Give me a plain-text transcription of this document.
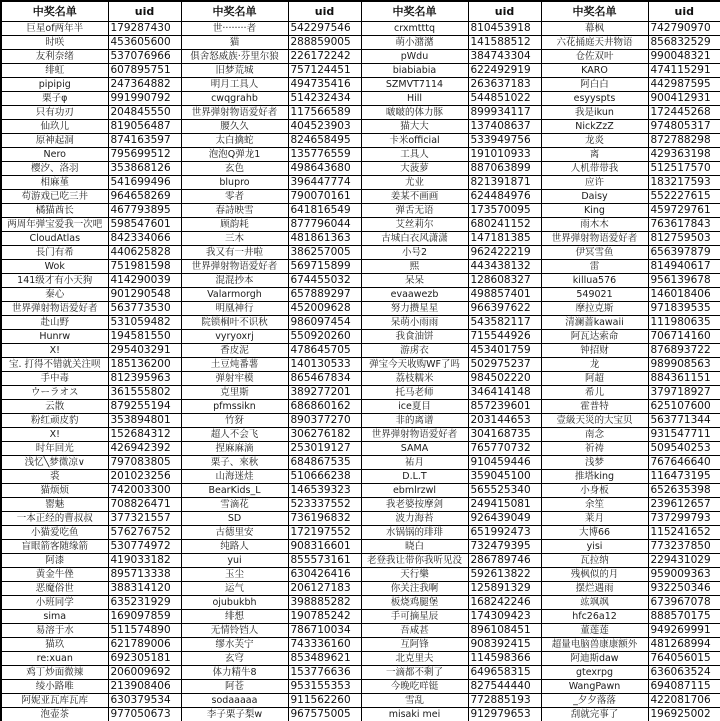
中奖名单	uid	中奖名单	uid	中奖名单	uid	中奖名单	uid
巨星of两年半	179287430	世········者	542297546	crxmtttq	810453918	幕枫	742790970
时咲	453605600	猫	288859005	萌小潴潴	141588512	六花捅庭天井物语	856832529
友利奈绪	537076966	俱舍怒威族·芬里尔狼	226172242	pWdu	384743304	仓佐双叶	990048321
绯虹	607895751	旧梦荒城	757124451	biabiabia	622492919	KARO	474115291
pipipig	247364882	明月工具人	494735416	SZMVT7114	263637183	阿白白	442987595
栗子φ	991990792	cwqgrahb	514232434	Hill	544851022	esyyspts	900412931
只有功刃	204845550	世界弹射物语爱好者	117566589	啵啵的体力豚	899934117	我是ikun	172445268
仙玖儿	819056487	腰久久	404523903	猫大大	137408637	NickZzZ	974805317
原神起洞	874163597	太白擒蛇	824658495	卡米official	533949756	龙炎	872788298
Nero	795699512	泡泡Q弹龙1	135776559	工具人	191010933	离	429363198
樱汐、洛羽	353868126	玄色	498643680	大菠萝	887063899	人机带带我	512517570
相麻堇	541699496	blupro	396447774	尤业	821391871	应许	183217593
苟游戏已吃三井	964658269	零者	790070161	姜某不画画	624484976	Daisy	552227615
橘猫酋长	467793895	春詩映雪	641816549	弹舌无语	173570095	King	459729761
两周年弹宝爱我一次吧	598547601	顾韵耗	877796044	艾丝莉尔	680241152	雨木木	763617843
CloudAtlas	842334066	三木	481861363	古城白衣风潇潇	147181385	世界弹射物语爱好者	812759503
長门有希	440625828	我又有一井啦	386257005	小号2	962422219	伊冥雪鱼	656397879
Wok	751981598	世界弹射物语爱好者	569715899	熙	443438132	雷	814940617
141级才有小天狗	414290039	混混抄本	674455032	呆呆	128608327	killua576	956139678
秦心	901290548	Valarmorgh	657889297	evaawezb	498857401	549021	146018406
世界弹射物语爱好者	563773530	明凰神行	452009628	努力攒星星	966397622	摩拉克斯	971839535
赴山野	531059482	院锁桐叶不识秋	986097454	呆萌小雨雨	543582117	清澜蔷kawaii	111980635
Hunrw	194581550	vyryoxrj	550920260	我食油饼	715544926	阿瓦达索命	706714160
X!	295403291	香皮泥	478645705	游虏衣	453401759	钟招财	876893722
宝. 打得不错就关注呗	185136200	土豆炖番薯	140130533	弹宝今天收购WF了吗	502975237	龙	989908563
手中毒	812395963	弹射牢模	865467834	荔枝糯米	984502220	阿超	884361151
ウーラオス	361555802	克里斯	389277201	托马老师	346414148	希儿	379718927
云散	879255194	pfmssikn	686860162	ice夏目	857239601	霍普特	625107600
粉红顽皮豹	353894801	竹犽	890377270	非的离谱	203144653	壹級天災的大宝贝	563771344
X!	152684312	超人不会飞	306276182	世界弹射物语爱好者	304168735	南念	931547711
时年回光	426942392	捏麻麻滴	253019127	SAMA	765770732	祈祷	509540253
浅忆╲梦微凉∨	797083805	栗子、來秋	684867535	祐月	910459446	浅梦	767646640
裘	201023256	山海迷烓	510666238	D.L.T	359045100	推塔king	116473195
猫烦烦	742003300	BearKids_L	146539323	ebmlrzwl	565525340	小身板	652635398
罂魅	708826471	雪滴花	523337552	我老婆按摩剑	249415081	余笙	239612657
一本正经的曹叔叔	377321557	SD	736196832	波力海苔	926439049	莱月	737299793
小猫爱吃鱼	576276752	古德里安	172197552	水锅锅的琲琲	651992473	大博66	115241652
盲眼箭客随缘箭	530774972	纯路人	908316601	晓白	732479395	yisi	773237850
阿漆	419033182	yui	855573161	老登我让带你我听见没	286789746	瓦拉纳	229431029
黄金牛侳	895713338	玉尘	630426416	天行樂	592613822	残枫似的月	959009363
恶魔俗世	388314120	运气	206127183	你关注我啊	125891329	摆烂遇雨	932250346
小班同学	635231929	ojubukbh	398885282	板烧鸡腿堡	168242246	竑飒飒	673967078
sima	169097859	绯想	190785242	手可摘星辰	174309423	hfc26a12	888570175
易溶于水	511574890	无情铃铛人	786710034	吾咸甚	896108451	董莲莲	949269991
猫玖	621789006	缪水芙宁	743336160	互阿锋	908392415	超量电脑兽康康额外	481268994
re:xuan	692305181	玄穹	853489621	北克里夫	114598366	阿迪斯daw	764056015
鸡丁炒面微辣	206009692	体力精牛8	153776636	一滴都不剩了	649658315	gtexrpg	636063524
绫小路唯	213908406	阿苍	953155353	今晚吃咩铤	827544440	WangPawn	694087115
阿妮亚瓦库瓦库	630379534	sodaaaaa	911562260	雪乱	772885193	_夕夕落落	422081706
泡壶茶	977050673	李子栗子梨w	967575005	misaki mei	912979653	刮就完事了	196925002
